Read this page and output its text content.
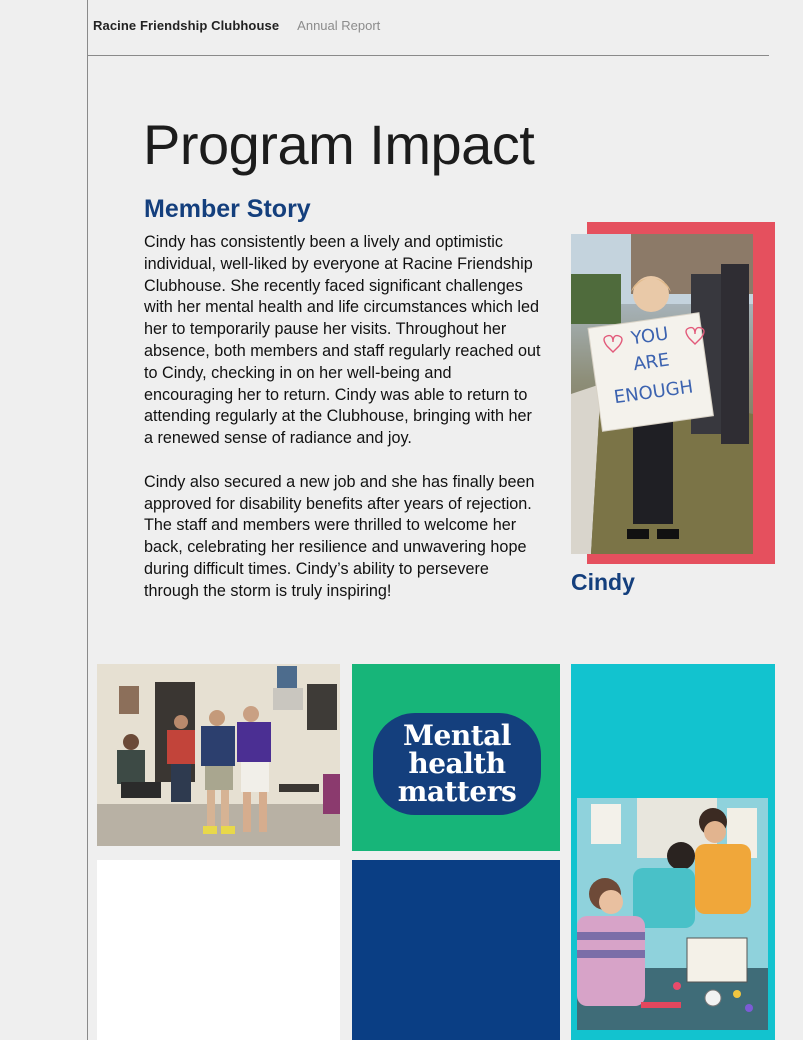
Racine Friendship Clubhouse Annual Report
Program Impact
Member Story

Cindy has consistently been a lively and optimistic individual, well-liked by everyone at Racine Friendship Clubhouse. She recently faced significant challenges with her mental health and life circumstances which led her to temporarily pause her visits. Throughout her absence, both members and staff regularly reached out to Cindy, checking in on her well-being and encouraging her to return. Cindy was able to return to attending regularly at the Clubhouse, bringing with her a renewed sense of radiance and joy.

Cindy also secured a new job and she has finally been approved for disability benefits after years of rejection. The staff and members were thrilled to welcome her back, celebrating her resilience and unwavering hope during difficult times. Cindy’s ability to persevere through the storm is truly inspiring!

YOU
ARE
ENOUGH
Cindy
Mental
health
matters
